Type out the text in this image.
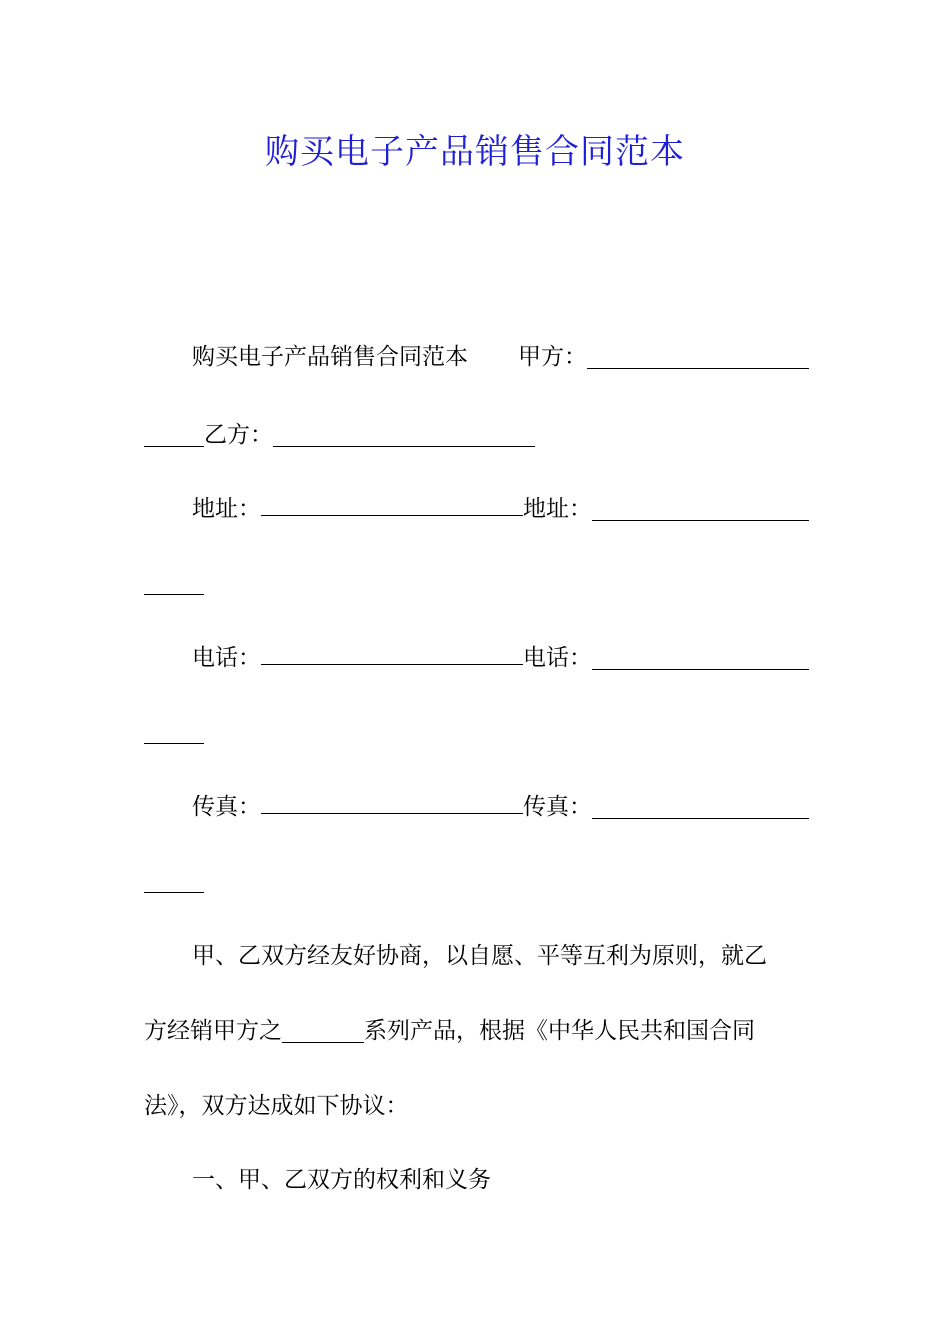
购买电子产品销售合同范本
购买电子产品销售合同范本 甲方：
乙方：
地址：	地址：
电话：	电话：
传真：	传真：
甲、乙双方经友好协商，以自愿、平等互利为原则，就乙
方经销甲方之	系列产品，根据《中华人民共和国合同
法》，双方达成如下协议：
一、甲、乙双方的权利和义务
